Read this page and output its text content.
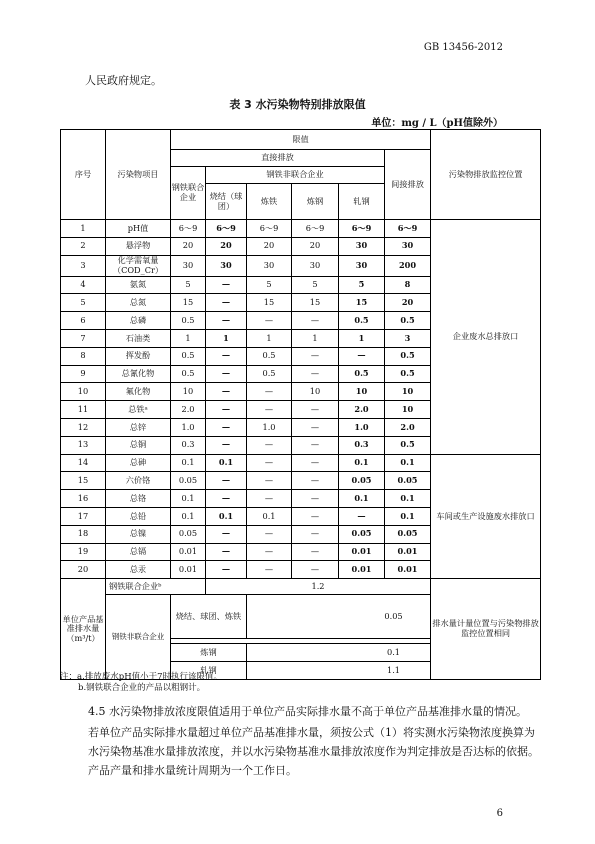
GB 13456-2012
人民政府规定。
表 3 水污染物特别排放限值
单位：mg / L（pH值除外）
序号	污染物项目	限值						污染物排放监控位置
		直接排放					间接排放	
		钢铁联合企业	钢铁非联合企业					
			烧结（球团）	炼铁	炼钢	轧钢		
1	pH值	6～9	6～9	6～9	6～9	6～9	6～9	企业废水总排放口
2	悬浮物	20	20	20	20	30	30	
3	化学需氧量（COD_Cr）	30	30	30	30	30	200	
4	氨氮	5	—	5	5	5	8	
5	总氮	15	—	15	15	15	20	
6	总磷	0.5	—	—	—	0.5	0.5	
7	石油类	1	1	1	1	1	3	
8	挥发酚	0.5	—	0.5	—	—	0.5	
9	总氰化物	0.5	—	0.5	—	0.5	0.5	
10	氟化物	10	—	—	10	10	10	
11	总铁ᵃ	2.0	—	—	—	2.0	10	
12	总锌	1.0	—	1.0	—	1.0	2.0	
13	总铜	0.3	—	—	—	0.3	0.5	
14	总砷	0.1	0.1	—	—	0.1	0.1	车间或生产设施废水排放口
15	六价铬	0.05	—	—	—	0.05	0.05	
16	总铬	0.1	—	—	—	0.1	0.1	
17	总铅	0.1	0.1	0.1	—	—	0.1	
18	总镍	0.05	—	—	—	0.05	0.05	
19	总镉	0.01	—	—	—	0.01	0.01	
20	总汞	0.01	—	—	—	0.01	0.01	
单位产品基准排水量（m³/t）	钢铁联合企业ᵇ		1.2					排水量计量位置与污染物排放监控位置相同
	钢铁非联合企业	烧结、球团、炼铁		0.05				

		炼钢		0.1				
		轧钢		1.1				
注：a.排放废水pH值小于7时执行该限值。
b.钢铁联合企业的产品以粗钢计。
4.5 水污染物排放浓度限值适用于单位产品实际排水量不高于单位产品基准排水量的情况。
若单位产品实际排水量超过单位产品基准排水量，须按公式（1）将实测水污染物浓度换算为水污染物基准水量排放浓度，并以水污染物基准水量排放浓度作为判定排放是否达标的依据。产品产量和排水量统计周期为一个工作日。
6
